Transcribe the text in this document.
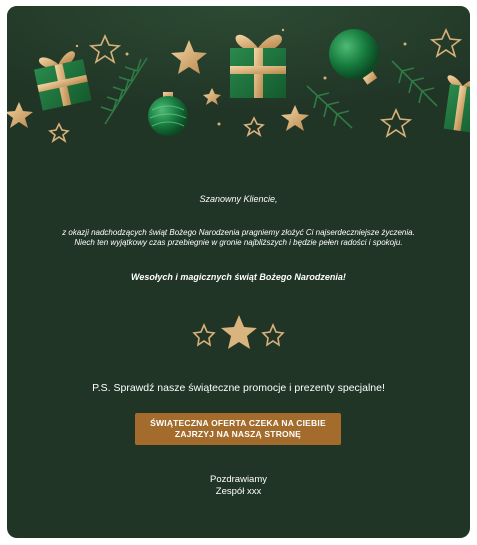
Szanowny Kliencie,
z okazji nadchodzących świąt Bożego Narodzenia pragniemy złożyć Ci najserdeczniejsze życzenia.
Niech ten wyjątkowy czas przebiegnie w gronie najbliższych i będzie pełen radości i spokoju.
Wesołych i magicznych świąt Bożego Narodzenia!
P.S. Sprawdź nasze świąteczne promocje i prezenty specjalne!
ŚWIĄTECZNA OFERTA CZEKA NA CIEBIE
ZAJRZYJ NA NASZĄ STRONĘ
Pozdrawiamy
Zespół xxx
